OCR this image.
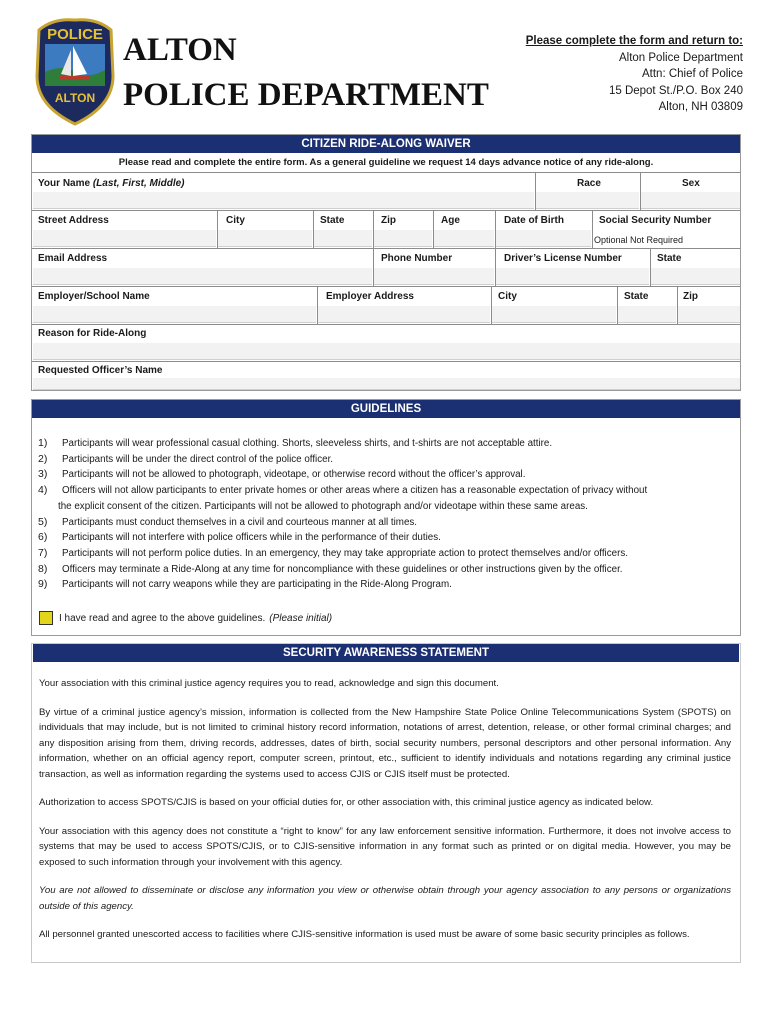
POLICE
ALTON
ALTON
POLICE DEPARTMENT
Please complete the form and return to:
Alton Police Department
Attn: Chief of Police
15 Depot St./P.O. Box 240
Alton, NH 03809
CITIZEN RIDE-ALONG WAIVER
Please read and complete the entire form. As a general guideline we request 14 days advance notice of any ride-along.
Your Name (Last, First, Middle)	Race	Sex
Street Address	City	State	Zip	Age	Date of Birth	Social Security Number
Optional Not Required
Email Address	Phone Number	Driver’s License Number	State
Employer/School Name	Employer Address	City	State	Zip
Reason for Ride-Along
Requested Officer’s Name
GUIDELINES
1)	Participants will wear professional casual clothing. Shorts, sleeveless shirts, and t-shirts are not acceptable attire.
2)	Participants will be under the direct control of the police officer.
3)	Participants will not be allowed to photograph, videotape, or otherwise record without the officer’s approval.
4)	Officers will not allow participants to enter private homes or other areas where a citizen has a reasonable expectation of privacy without
the explicit consent of the citizen. Participants will not be allowed to photograph and/or videotape within these same areas.
5)	Participants must conduct themselves in a civil and courteous manner at all times.
6)	Participants will not interfere with police officers while in the performance of their duties.
7)	Participants will not perform police duties. In an emergency, they may take appropriate action to protect themselves and/or officers.
8)	Officers may terminate a Ride-Along at any time for noncompliance with these guidelines or other instructions given by the officer.
9)	Participants will not carry weapons while they are participating in the Ride-Along Program.
I have read and agree to the above guidelines. (Please initial)
SECURITY AWARENESS STATEMENT

Your association with this criminal justice agency requires you to read, acknowledge and sign this document.

By virtue of a criminal justice agency’s mission, information is collected from the New Hampshire State Police Online Telecommunications System (SPOTS) on individuals that may include, but is not limited to criminal history record information, notations of arrest, detention, release, or other formal criminal charges; and any disposition arising from them, driving records, addresses, dates of birth, social security numbers, personal descriptors and other personal information. Any information, whether on an official agency report, computer screen, printout, etc., sufficient to identify individuals and notations regarding any criminal justice transaction, as well as information regarding the systems used to access CJIS or CJIS itself must be protected.

Authorization to access SPOTS/CJIS is based on your official duties for, or other association with, this criminal justice agency as indicated below.

Your association with this agency does not constitute a “right to know” for any law enforcement sensitive information. Furthermore, it does not involve access to systems that may be used to access SPOTS/CJIS, or to CJIS-sensitive information in any format such as printed or on digital media. However, you may be exposed to such information through your involvement with this agency.

You are not allowed to disseminate or disclose any information you view or otherwise obtain through your agency association to any persons or organizations outside of this agency.

All personnel granted unescorted access to facilities where CJIS-sensitive information is used must be aware of some basic security principles as follows.
